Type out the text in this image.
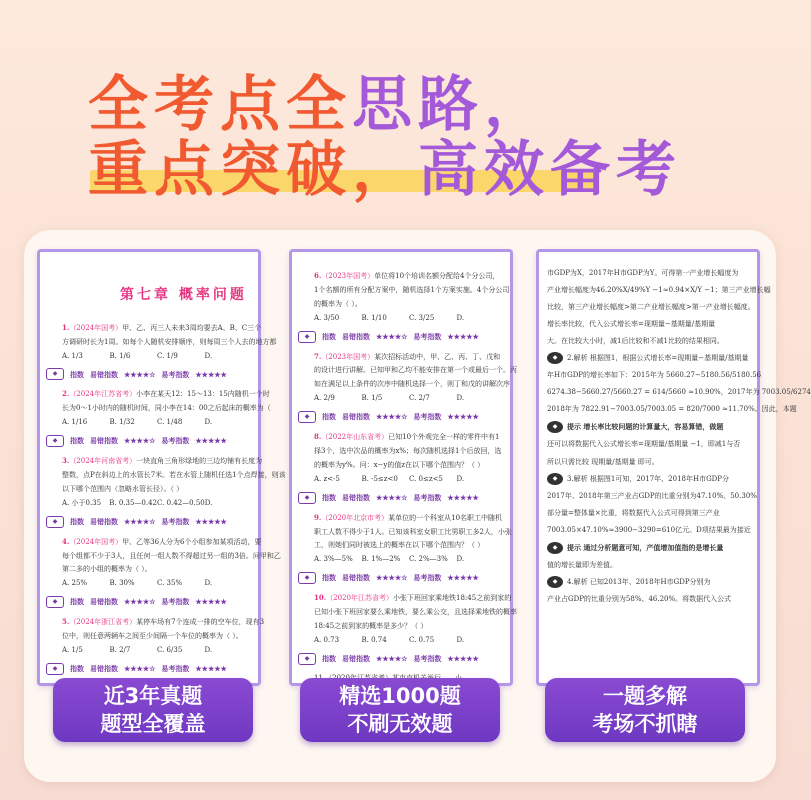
全考点全思路，
重点突破，高效备考
第七章 概率问题
1.（2024年国考）甲、乙、丙三人未来3周均要去A、B、C三个
方调研时长为1周。如每个人随机安排顺序，则每周三个人去的地方都
A. 1/3	B. 1/6	C. 1/9	D.
◆	指数 易错指数 ★★★★☆ 易考指数 ★★★★★
2.（2024年江苏省考）小李在某天12：15～13：15内随机一个时
长为0～1小时内的随机时间，同小李在14：00之后起床的概率为（
A. 1/16	B. 1/32	C. 1/48	D.
◆	指数 易错指数 ★★★★☆ 易考指数 ★★★★★
3.（2024年河南省考）一块直角三角形绿地的三边均铺有长度为
整数，点P在斜边上的水管长7米。若在水管上随机任选1个点焊接，则该
以下哪个范围内（忽略水管长径）。（ ）
A. 小于0.35	B. 0.35—0.42 C. 0.42—0.50 D.
◆	指数 易错指数 ★★★★☆ 易考指数 ★★★★★
4.（2024年国考）甲、乙等36人分为6个小组参加某项活动，要
每个组都不少于3人，且任何一组人数不得超过另一组的3倍。问甲和乙
第二多的小组的概率为（ ）。
A. 25%	B. 30%	C. 35%	D.
◆	指数 易错指数 ★★★★☆ 易考指数 ★★★★★
5.（2024年浙江省考）某停车场有7个连成一排的空车位，现有3
位中，则任意两辆车之间至少间隔一个车位的概率为（ ）。
A. 1/5	B. 2/7	C. 6/35	D.
◆	指数 易错指数 ★★★★☆ 易考指数 ★★★★★
6.（2023年国考）单位将10个培训名额分配给4个分公司，
1个名额的所有分配方案中，随机选择1个方案实施。4个分公司
的概率为（ ）。
A. 3/50	B. 1/10	C. 3/25	D.
◆	指数 易错指数 ★★★★☆ 易考指数 ★★★★★
7.（2023年国考）某次招标活动中，甲、乙、丙、丁、戊和
的设计进行讲解。已知甲和乙均不能安排在第一个或最后一个。丙
如在满足以上条件的次序中随机选择一个，则丁和戊的讲解次序
A. 2/9	B. 1/5	C. 2/7	D.
◆	指数 易错指数 ★★★★☆ 易考指数 ★★★★★
8.（2022年山东省考）已知10个外观完全一样的零件中有1
择3个，选中次品的概率为x%；每次随机选择1个后放回，选
的概率为y%。问：x−y的值z在以下哪个范围内？（ ）
A. z<-5	B. -5≤z<0	C. 0≤z<5	D.
◆	指数 易错指数 ★★★★☆ 易考指数 ★★★★★
9.（2020年北京市考）某单位的一个科室从10名职工中随机
职工人数不得少于1人。已知该科室女职工比男职工多2人，小张
工，则她们同时被选上的概率在以下哪个范围内？（ ）
A. 3%—5%	B. 1%—2%	C. 2%—3%	D.
◆	指数 易错指数 ★★★★☆ 易考指数 ★★★★★
10.（2020年江苏省考）小张下班回家乘地铁18:45之前到家的
已知小张下班回家要么乘地铁，要么乘公交，且选择乘地铁的概率
18:45之前到家的概率是多少？（ ）
A. 0.73	B. 0.74	C. 0.75	D.
◆	指数 易错指数 ★★★★☆ 易考指数 ★★★★★
市GDP为X，2017年H市GDP为Y。可得第一产业增长幅度为
产业增长幅度为46.20%X/49%Y −1≈0.94×X/Y −1；第三产业增长幅
比较，第三产业增长幅度>第二产业增长幅度>第一产业增长幅度。
增长率比较，代入公式增长率=现期量−基期量/基期量
大。在比较大小时，减1后比较和不减1比较的结果相同。
◆ 2.解析 根据图1，根据公式增长率=现期量−基期量/基期量
年H市GDP的增长率如下：2015年为 5660.27−5180.56/5180.56
6274.38−5660.27/5660.27 = 614/5660 ≈10.90%，2017年为 7003.05/6274
2018年为 7822.91−7003.05/7003.05 = 820/7000 ≈11.70%。因此，本题
◆ 提示 增长率比较问题的计算量大，容易算错，做题
还可以将数据代入公式增长率=现期量/基期量 −1，即减1与否
所以只需比较 现期量/基期量 即可。
◆ 3.解析 根据图1可知，2017年、2018年H市GDP分
2017年、2018年第三产业占GDP的比重分别为47.10%、50.30%
部分量=整体量×比重，将数据代入公式可得到第三产业
7003.05×47.10%≈3900−3290=610亿元。D项结果最为接近
◆ 提示 通过分析题意可知，产值增加值指的是增长量
值的增长量即为差值。
◆ 4.解析 已知2013年、2018年H市GDP分别为
产业占GDP的比重分别为58%、46.20%。将数据代入公式
近3年真题
题型全覆盖
精选1000题
不刷无效题
一题多解
考场不抓瞎
